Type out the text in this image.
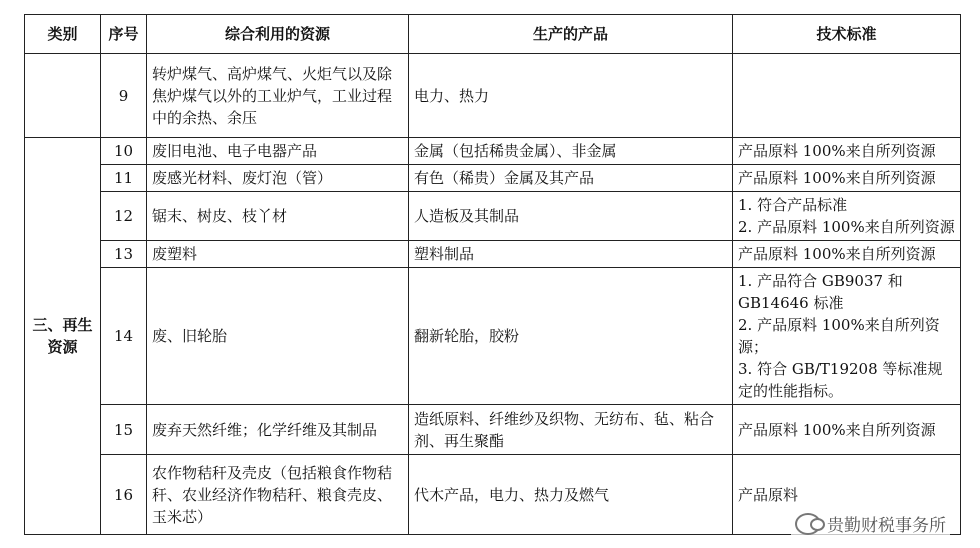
类别	序号	综合利用的资源	生产的产品	技术标准
	9	转炉煤气、高炉煤气、火炬气以及除焦炉煤气以外的工业炉气，工业过程中的余热、余压	电力、热力	
三、再生资源	10	废旧电池、电子电器产品	金属（包括稀贵金属）、非金属	产品原料 100%来自所列资源

	11	废感光材料、废灯泡（管）	有色（稀贵）金属及其产品	产品原料 100%来自所列资源

	12	锯末、树皮、枝丫材	人造板及其制品	1. 符合产品标准
2. 产品原料 100%来自所列资源

	13	废塑料	塑料制品	产品原料 100%来自所列资源

	14	废、旧轮胎	翻新轮胎，胶粉	1. 产品符合 GB9037 和 GB14646 标准
2. 产品原料 100%来自所列资源；
3. 符合 GB/T19208 等标准规定的性能指标。

	15	废弃天然纤维；化学纤维及其制品	造纸原料、纤维纱及织物、无纺布、毡、粘合剂、再生聚酯	产品原料 100%来自所列资源

	16	农作物秸秆及壳皮（包括粮食作物秸秆、农业经济作物秸秆、粮食壳皮、玉米芯）	代木产品，电力、热力及燃气	产品原料
贵勤财税事务所
